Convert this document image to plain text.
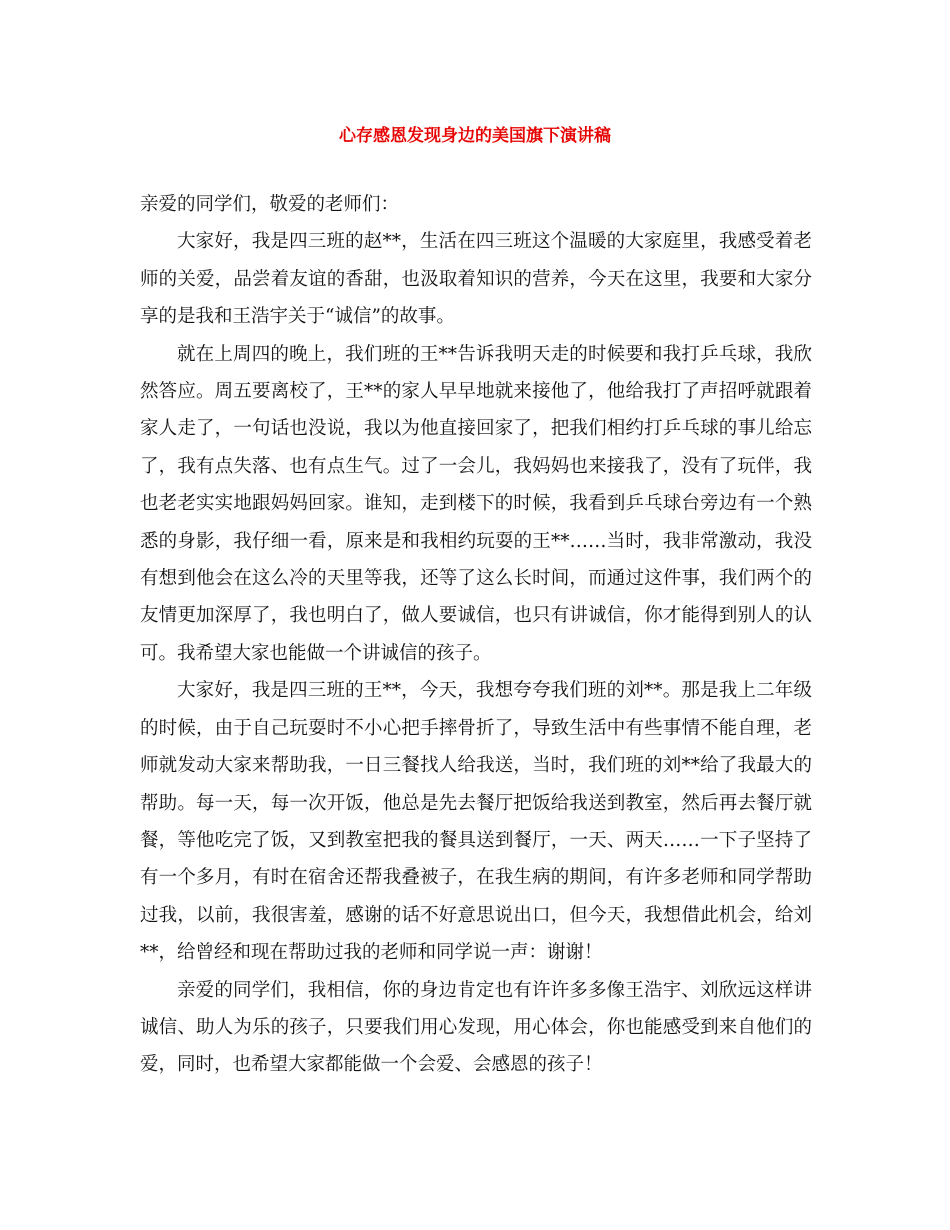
心存感恩发现身边的美国旗下演讲稿

亲爱的同学们，敬爱的老师们：

大家好，我是四三班的赵**，生活在四三班这个温暖的大家庭里，我感受着老师的关爱，品尝着友谊的香甜，也汲取着知识的营养，今天在这里，我要和大家分享的是我和王浩宇关于“诚信”的故事。

就在上周四的晚上，我们班的王**告诉我明天走的时候要和我打乒乓球，我欣然答应。周五要离校了，王**的家人早早地就来接他了，他给我打了声招呼就跟着家人走了，一句话也没说，我以为他直接回家了，把我们相约打乒乓球的事儿给忘了，我有点失落、也有点生气。过了一会儿，我妈妈也来接我了，没有了玩伴，我也老老实实地跟妈妈回家。谁知，走到楼下的时候，我看到乒乓球台旁边有一个熟悉的身影，我仔细一看，原来是和我相约玩耍的王**……当时，我非常激动，我没有想到他会在这么冷的天里等我，还等了这么长时间，而通过这件事，我们两个的友情更加深厚了，我也明白了，做人要诚信，也只有讲诚信，你才能得到别人的认可。我希望大家也能做一个讲诚信的孩子。

大家好，我是四三班的王**，今天，我想夸夸我们班的刘**。那是我上二年级的时候，由于自己玩耍时不小心把手摔骨折了，导致生活中有些事情不能自理，老师就发动大家来帮助我，一日三餐找人给我送，当时，我们班的刘**给了我最大的帮助。每一天，每一次开饭，他总是先去餐厅把饭给我送到教室，然后再去餐厅就餐，等他吃完了饭，又到教室把我的餐具送到餐厅，一天、两天……一下子坚持了有一个多月，有时在宿舍还帮我叠被子，在我生病的期间，有许多老师和同学帮助过我，以前，我很害羞，感谢的话不好意思说出口，但今天，我想借此机会，给刘**，给曾经和现在帮助过我的老师和同学说一声：谢谢！

亲爱的同学们，我相信，你的身边肯定也有许许多多像王浩宇、刘欣远这样讲诚信、助人为乐的孩子，只要我们用心发现，用心体会，你也能感受到来自他们的爱，同时，也希望大家都能做一个会爱、会感恩的孩子！
